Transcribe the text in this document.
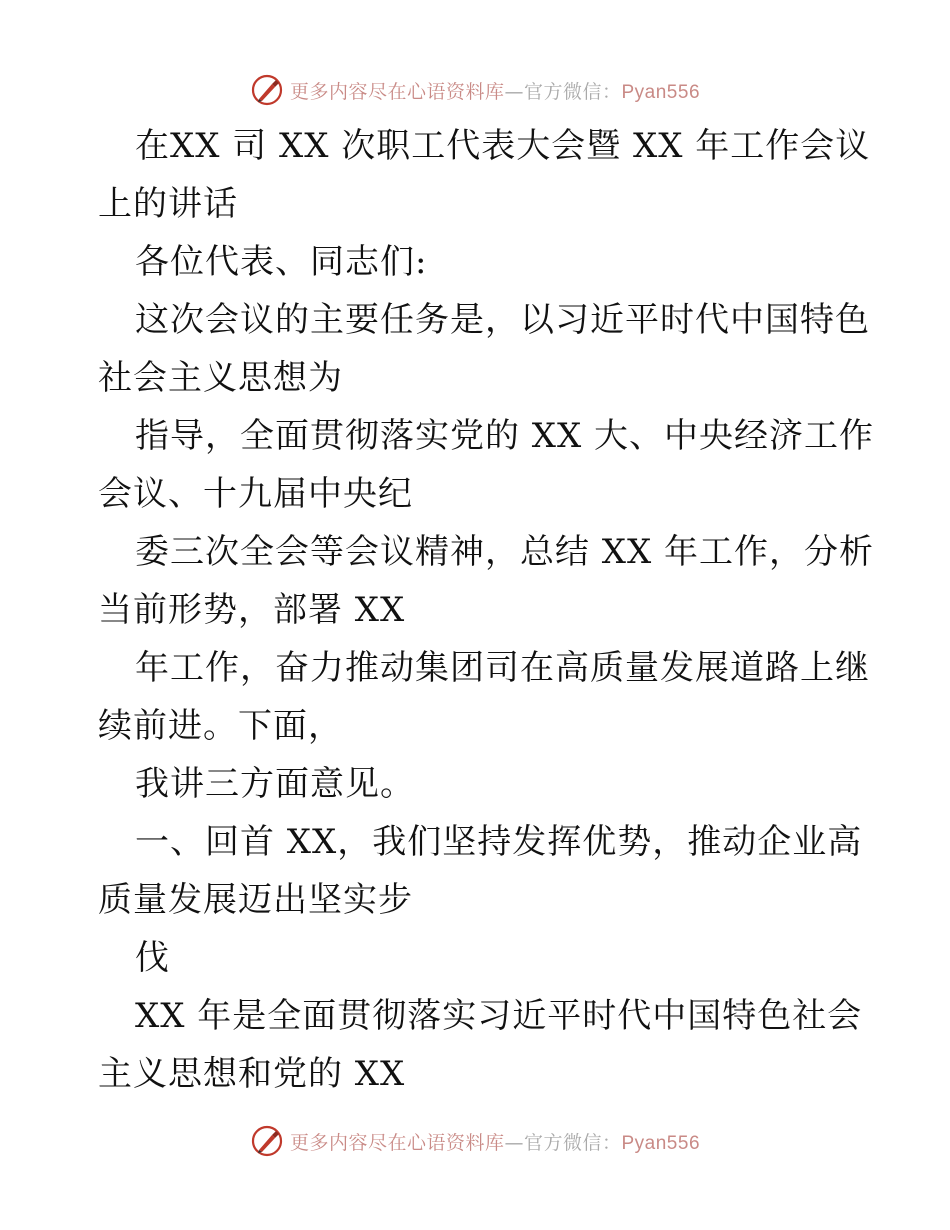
更多内容尽在心语资料库—官方微信：Pyan556
在XX 司 XX 次职工代表大会暨 XX 年工作会议
上的讲话
各位代表、同志们:
这次会议的主要任务是，以习近平时代中国特色
社会主义思想为
指导，全面贯彻落实党的 XX 大、中央经济工作
会议、十九届中央纪
委三次全会等会议精神，总结 XX 年工作，分析
当前形势，部署 XX
年工作，奋力推动集团司在高质量发展道路上继
续前进。下面，
我讲三方面意见。
一、回首 XX，我们坚持发挥优势，推动企业高
质量发展迈出坚实步
伐
XX 年是全面贯彻落实习近平时代中国特色社会
主义思想和党的 XX
更多内容尽在心语资料库—官方微信：Pyan556
